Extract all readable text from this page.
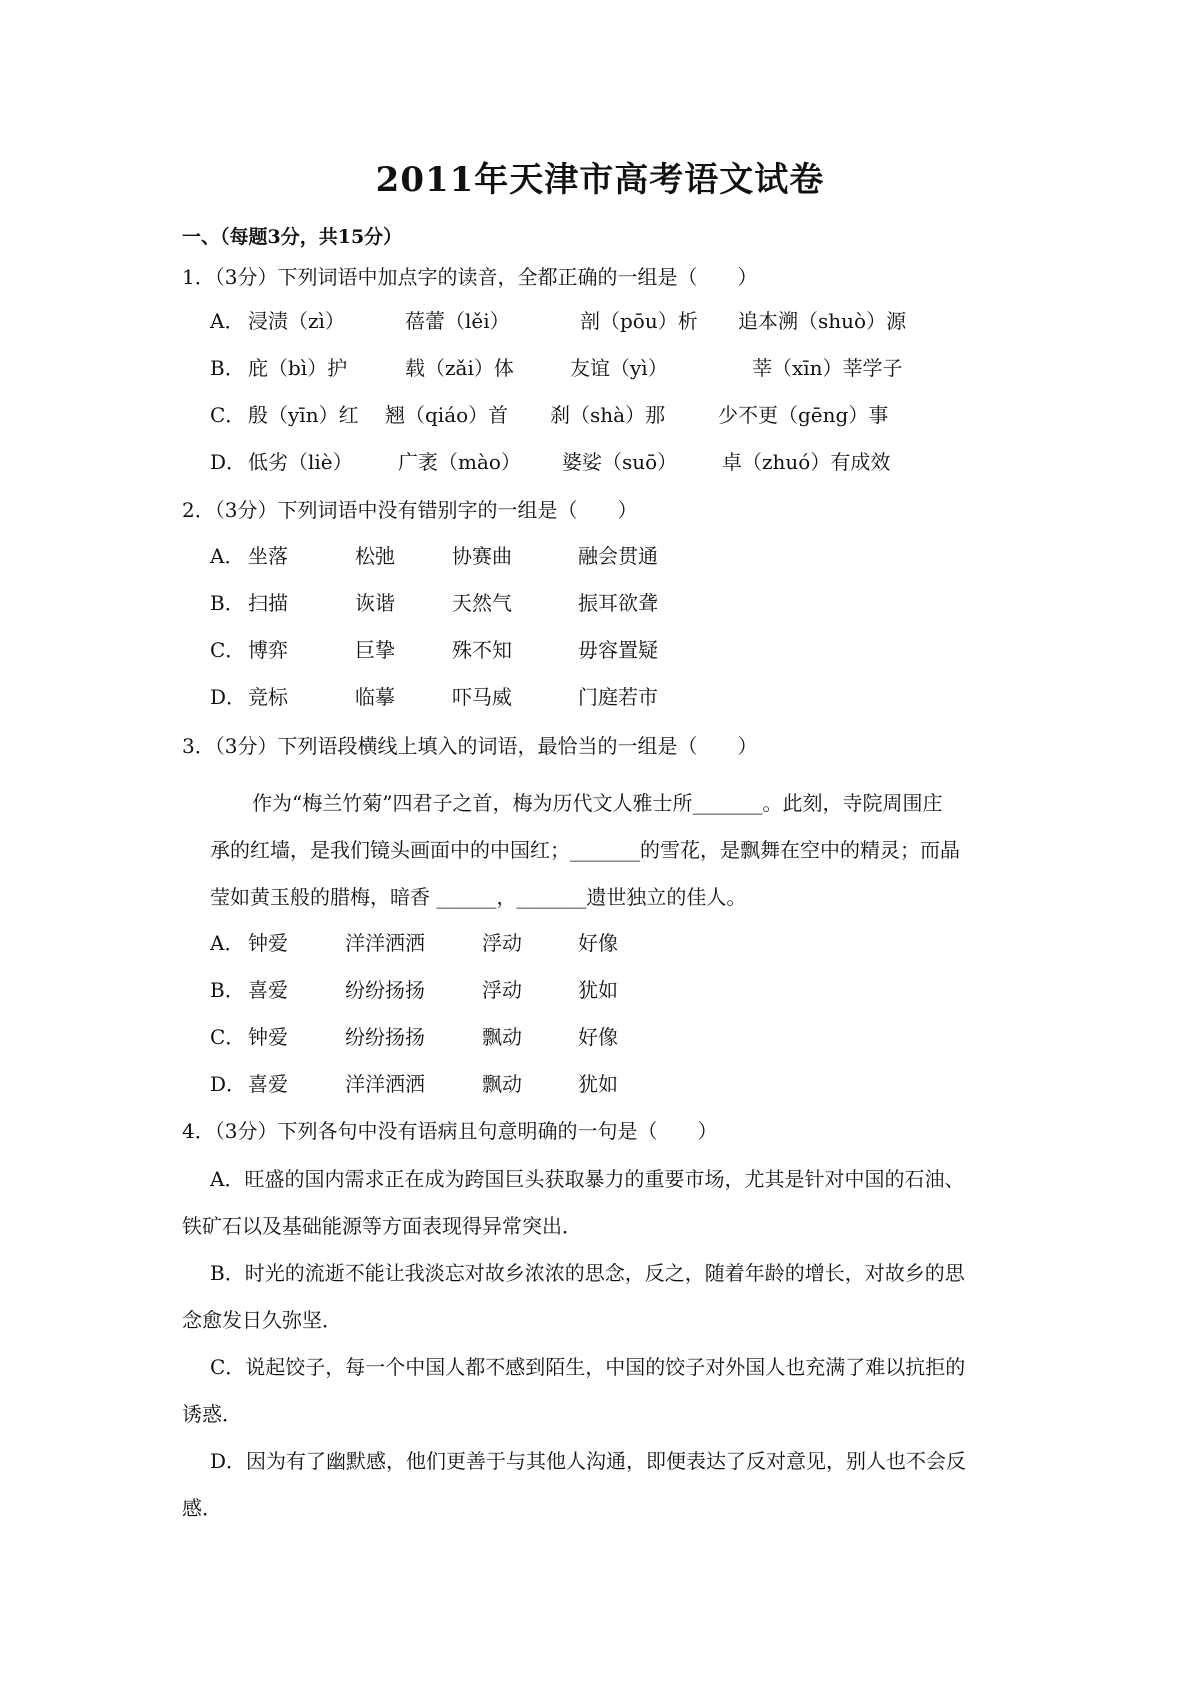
2011年天津市高考语文试卷
一、（每题3分，共15分）
1．（3分）下列词语中加点字的读音，全都正确的一组是（　　）
A． 浸渍（zì）	蓓蕾（lěi）	剖（pōu）析 追本溯（shuò）源
B． 庇（bì）护	载（zǎi）体	友谊（yì）	莘（xīn）莘学子
C． 殷（yīn）红 翘（qiáo）首 刹（shà）那	少不更（gēng）事
D． 低劣（liè） 广袤（mào） 婆娑（suō） 卓（zhuó）有成效
2．（3分）下列词语中没有错别字的一组是（　　）
A． 坐落	松弛	协赛曲	融会贯通
B． 扫描	诙谐	天然气	振耳欲聋
C． 博弈	巨挚	殊不知	毋容置疑
D． 竞标	临摹	吓马威	门庭若市
3．（3分）下列语段横线上填入的词语，最恰当的一组是（　　）
作为“梅兰竹菊”四君子之首，梅为历代文人雅士所_______。此刻，寺院周围庄
承的红墙，是我们镜头画面中的中国红；_______的雪花，是飘舞在空中的精灵；而晶
莹如黄玉般的腊梅，暗香 ______，_______遗世独立的佳人。
A． 钟爱	洋洋洒洒	浮动	好像
B． 喜爱	纷纷扬扬	浮动	犹如
C． 钟爱	纷纷扬扬	飘动	好像
D． 喜爱	洋洋洒洒	飘动	犹如
4．（3分）下列各句中没有语病且句意明确的一句是（　　）
A．旺盛的国内需求正在成为跨国巨头获取暴力的重要市场，尤其是针对中国的石油、
铁矿石以及基础能源等方面表现得异常突出．
B．时光的流逝不能让我淡忘对故乡浓浓的思念，反之，随着年龄的增长，对故乡的思
念愈发日久弥坚．
C．说起饺子，每一个中国人都不感到陌生，中国的饺子对外国人也充满了难以抗拒的
诱惑．
D．因为有了幽默感，他们更善于与其他人沟通，即便表达了反对意见，别人也不会反
感．
